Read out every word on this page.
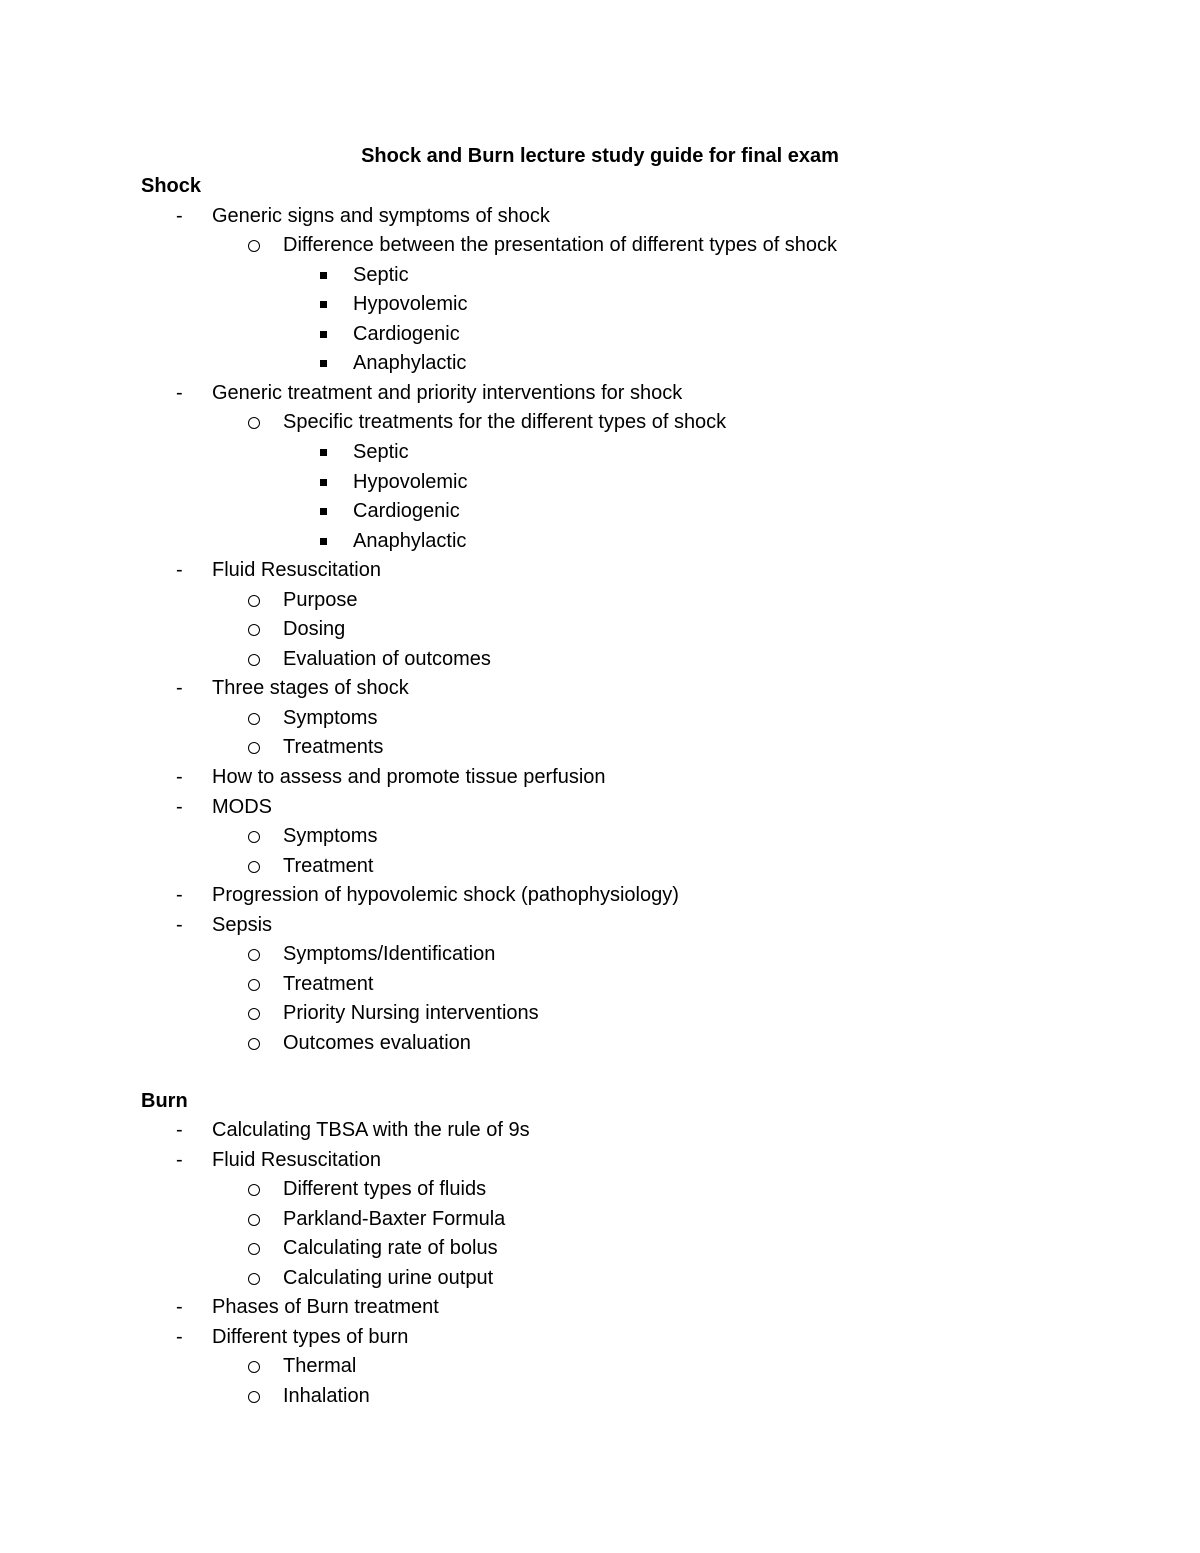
Shock and Burn lecture study guide for final exam
Shock
- Generic signs and symptoms of shock
Difference between the presentation of different types of shock
Septic
Hypovolemic
Cardiogenic
Anaphylactic
- Generic treatment and priority interventions for shock
Specific treatments for the different types of shock
Septic
Hypovolemic
Cardiogenic
Anaphylactic
- Fluid Resuscitation
Purpose
Dosing
Evaluation of outcomes
- Three stages of shock
Symptoms
Treatments
- How to assess and promote tissue perfusion
- MODS
Symptoms
Treatment
- Progression of hypovolemic shock (pathophysiology)
- Sepsis
Symptoms/Identification
Treatment
Priority Nursing interventions
Outcomes evaluation
Burn
- Calculating TBSA with the rule of 9s
- Fluid Resuscitation
Different types of fluids
Parkland-Baxter Formula
Calculating rate of bolus
Calculating urine output
- Phases of Burn treatment
- Different types of burn
Thermal
Inhalation
